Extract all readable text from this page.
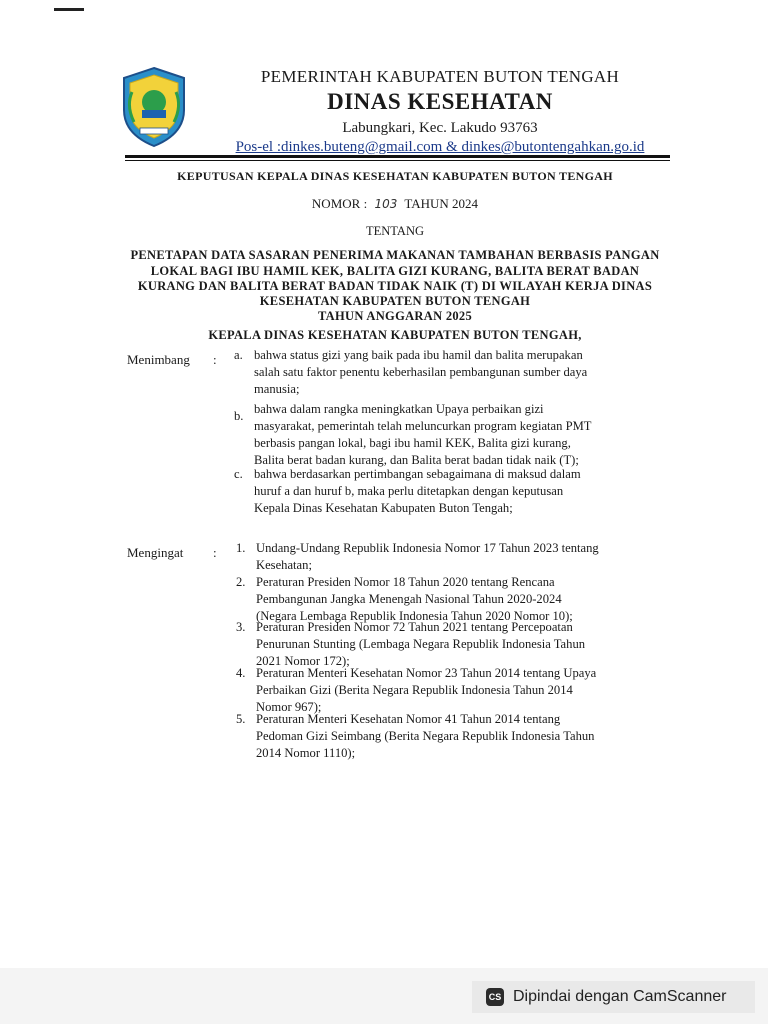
PEMERINTAH KABUPATEN BUTON TENGAH
DINAS KESEHATAN
Labungkari, Kec. Lakudo 93763
Pos-el :dinkes.buteng@gmail.com & dinkes@butontengahkan.go.id
KEPUTUSAN KEPALA DINAS KESEHATAN KABUPATEN BUTON TENGAH
NOMOR : 103 TAHUN 2024
TENTANG
PENETAPAN DATA SASARAN PENERIMA MAKANAN TAMBAHAN BERBASIS PANGAN
LOKAL BAGI IBU HAMIL KEK, BALITA GIZI KURANG, BALITA BERAT BADAN
KURANG DAN BALITA BERAT BADAN TIDAK NAIK (T) DI WILAYAH KERJA DINAS
KESEHATAN KABUPATEN BUTON TENGAH
TAHUN ANGGARAN 2025
KEPALA DINAS KESEHATAN KABUPATEN BUTON TENGAH,
Menimbang : a. bahwa status gizi yang baik pada ibu hamil dan balita merupakan
salah satu faktor penentu keberhasilan pembangunan sumber daya
manusia;
b. bahwa dalam rangka meningkatkan Upaya perbaikan gizi
masyarakat, pemerintah telah meluncurkan program kegiatan PMT
berbasis pangan lokal, bagi ibu hamil KEK, Balita gizi kurang,
Balita berat badan kurang, dan Balita berat badan tidak naik (T);
c. bahwa berdasarkan pertimbangan sebagaimana di maksud dalam
huruf a dan huruf b, maka perlu ditetapkan dengan keputusan
Kepala Dinas Kesehatan Kabupaten Buton Tengah;
Mengingat : 1. Undang-Undang Republik Indonesia Nomor 17 Tahun 2023 tentang
Kesehatan;
2. Peraturan Presiden Nomor 18 Tahun 2020 tentang Rencana
Pembangunan Jangka Menengah Nasional Tahun 2020-2024
(Negara Lembaga Republik Indonesia Tahun 2020 Nomor 10);
3. Peraturan Presiden Nomor 72 Tahun 2021 tentang Percepoatan
Penurunan Stunting (Lembaga Negara Republik Indonesia Tahun
2021 Nomor 172);
4. Peraturan Menteri Kesehatan Nomor 23 Tahun 2014 tentang Upaya
Perbaikan Gizi (Berita Negara Republik Indonesia Tahun 2014
Nomor 967);
5. Peraturan Menteri Kesehatan Nomor 41 Tahun 2014 tentang
Pedoman Gizi Seimbang (Berita Negara Republik Indonesia Tahun
2014 Nomor 1110);
CS Dipindai dengan CamScanner
